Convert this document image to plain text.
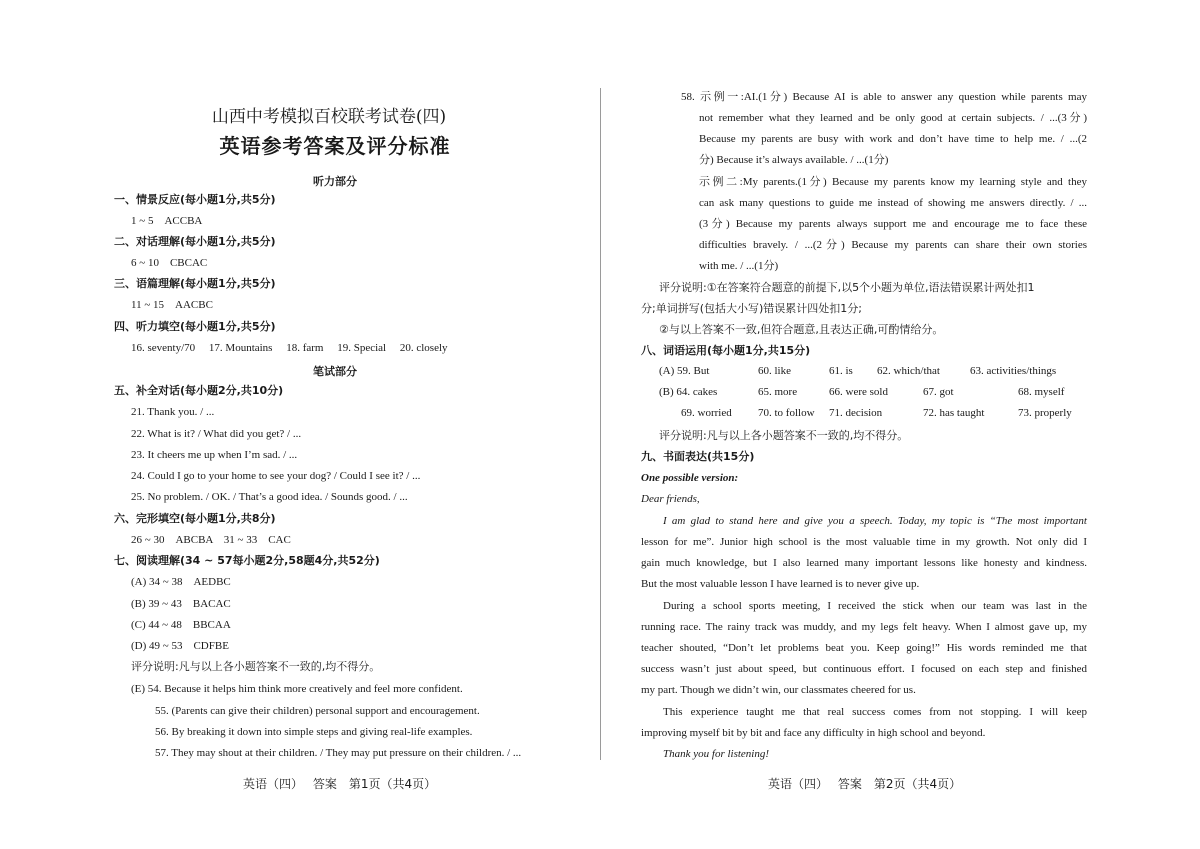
山西中考模拟百校联考试卷(四)
英语参考答案及评分标准
听力部分
一、情景反应(每小题1分,共5分)
1 ~ 5　ACCBA
二、对话理解(每小题1分,共5分)
6 ~ 10　CBCAC
三、语篇理解(每小题1分,共5分)
11 ~ 15　AACBC
四、听力填空(每小题1分,共5分)
16. seventy/70　 17. Mountains　 18. farm　 19. Special　 20. closely
笔试部分
五、补全对话(每小题2分,共10分)
21. Thank you. / ...
22. What is it? / What did you get? / ...
23. It cheers me up when I’m sad. / ...
24. Could I go to your home to see your dog? / Could I see it? / ...
25. No problem. / OK. / That’s a good idea. / Sounds good. / ...
六、完形填空(每小题1分,共8分)
26 ~ 30　ABCBA　31 ~ 33　CAC
七、阅读理解(34 ~ 57每小题2分,58题4分,共52分)
(A) 34 ~ 38　AEDBC
(B) 39 ~ 43　BACAC
(C) 44 ~ 48　BBCAA
(D) 49 ~ 53　CDFBE
评分说明:凡与以上各小题答案不一致的,均不得分。
(E) 54. Because it helps him think more creatively and feel more confident.
55. (Parents can give their children) personal support and encouragement.
56. By breaking it down into simple steps and giving real-life examples.
57. They may shout at their children. / They may put pressure on their children. / ...
英语（四）　 答案　第1页（共4页）
58. 示例一:AI.(1分) Because AI is able to answer any question while parents may
not remember what they learned and be only good at certain subjects. / ...(3分)
Because my parents are busy with work and don’t have time to help me. / ...(2
分) Because it’s always available. / ...(1分)
示例二:My parents.(1分) Because my parents know my learning style and they
can ask many questions to guide me instead of showing me answers directly. / ...
(3分) Because my parents always support me and encourage me to face these
difficulties bravely. / ...(2分) Because my parents can share their own stories
with me. / ...(1分)
评分说明:①在答案符合题意的前提下,以5个小题为单位,语法错误累计两处扣1
分;单词拼写(包括大小写)错误累计四处扣1分;
②与以上答案不一致,但符合题意,且表达正确,可酌情给分。
八、词语运用(每小题1分,共15分)
(A) 59. But	60. like	61. is 62. which/that	63. activities/things
(B) 64. cakes	65. more	66. were sold	67. got	68. myself
69. worried 70. to follow 71. decision	72. has taught	73. properly
评分说明:凡与以上各小题答案不一致的,均不得分。
九、书面表达(共15分)
One possible version:
Dear friends,
I am glad to stand here and give you a speech. Today, my topic is “The most important
lesson for me”. Junior high school is the most valuable time in my growth. Not only did I
gain much knowledge, but I also learned many important lessons like honesty and kindness.
But the most valuable lesson I have learned is to never give up.
During a school sports meeting, I received the stick when our team was last in the
running race. The rainy track was muddy, and my legs felt heavy. When I almost gave up, my
teacher shouted, “Don’t let problems beat you. Keep going!” His words reminded me that
success wasn’t just about speed, but continuous effort. I focused on each step and finished
my part. Though we didn’t win, our classmates cheered for us.
This experience taught me that real success comes from not stopping. I will keep
improving myself bit by bit and face any difficulty in high school and beyond.
Thank you for listening!
英语（四）　 答案　第2页（共4页）
